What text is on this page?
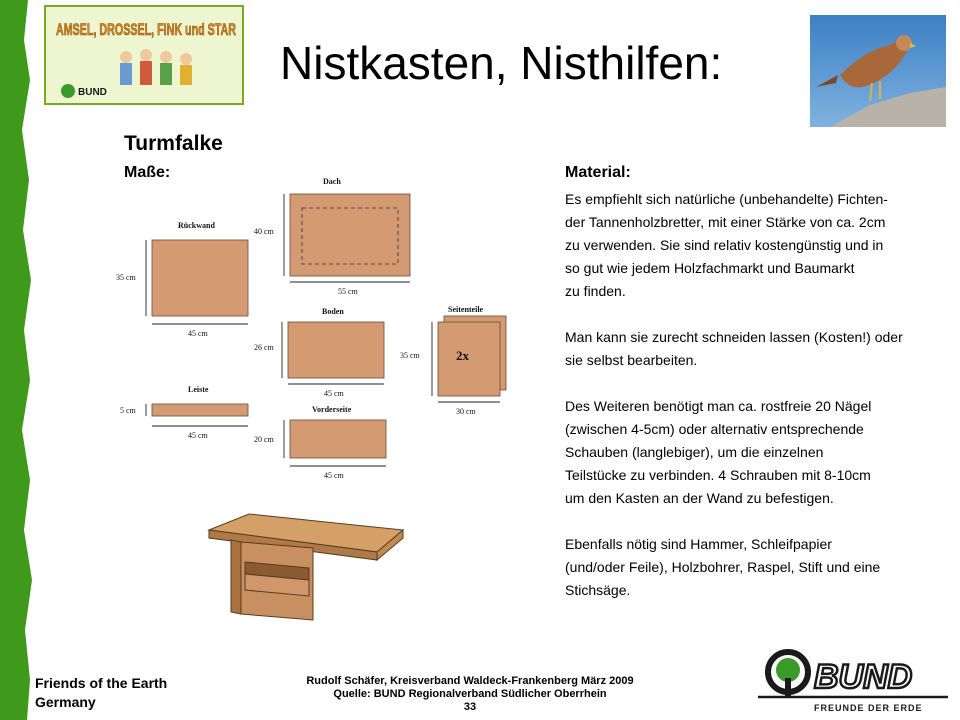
AMSEL, DROSSEL, FINK und STAR
BUND
Nistkasten, Nisthilfen:
Turmfalke
Maße:
Dach
40 cm
55 cm
Rückwand
35 cm
45 cm
Boden
26 cm
45 cm
Seitenteile
2x
35 cm
30 cm
Leiste
5 cm
45 cm
Vorderseite
20 cm
45 cm
Material:
Es empfiehlt sich natürliche (unbehandelte) Fichten-
der Tannenholzbretter, mit einer Stärke von ca. 2cm
zu verwenden. Sie sind relativ kostengünstig und in
so gut wie jedem Holzfachmarkt und Baumarkt
zu finden.
Man kann sie zurecht schneiden lassen (Kosten!) oder
sie selbst bearbeiten.
Des Weiteren benötigt man ca. rostfreie 20 Nägel
(zwischen 4-5cm) oder alternativ entsprechende
Schauben (langlebiger), um die einzelnen
Teilstücke zu verbinden. 4 Schrauben mit 8-10cm
um den Kasten an der Wand zu befestigen.
Ebenfalls nötig sind Hammer, Schleifpapier
(und/oder Feile), Holzbohrer, Raspel, Stift und eine
Stichsäge.
Friends of the Earth
Germany
Rudolf Schäfer, Kreisverband Waldeck-Frankenberg März 2009
Quelle: BUND Regionalverband Südlicher Oberrhein
33
BUND
FREUNDE DER ERDE
